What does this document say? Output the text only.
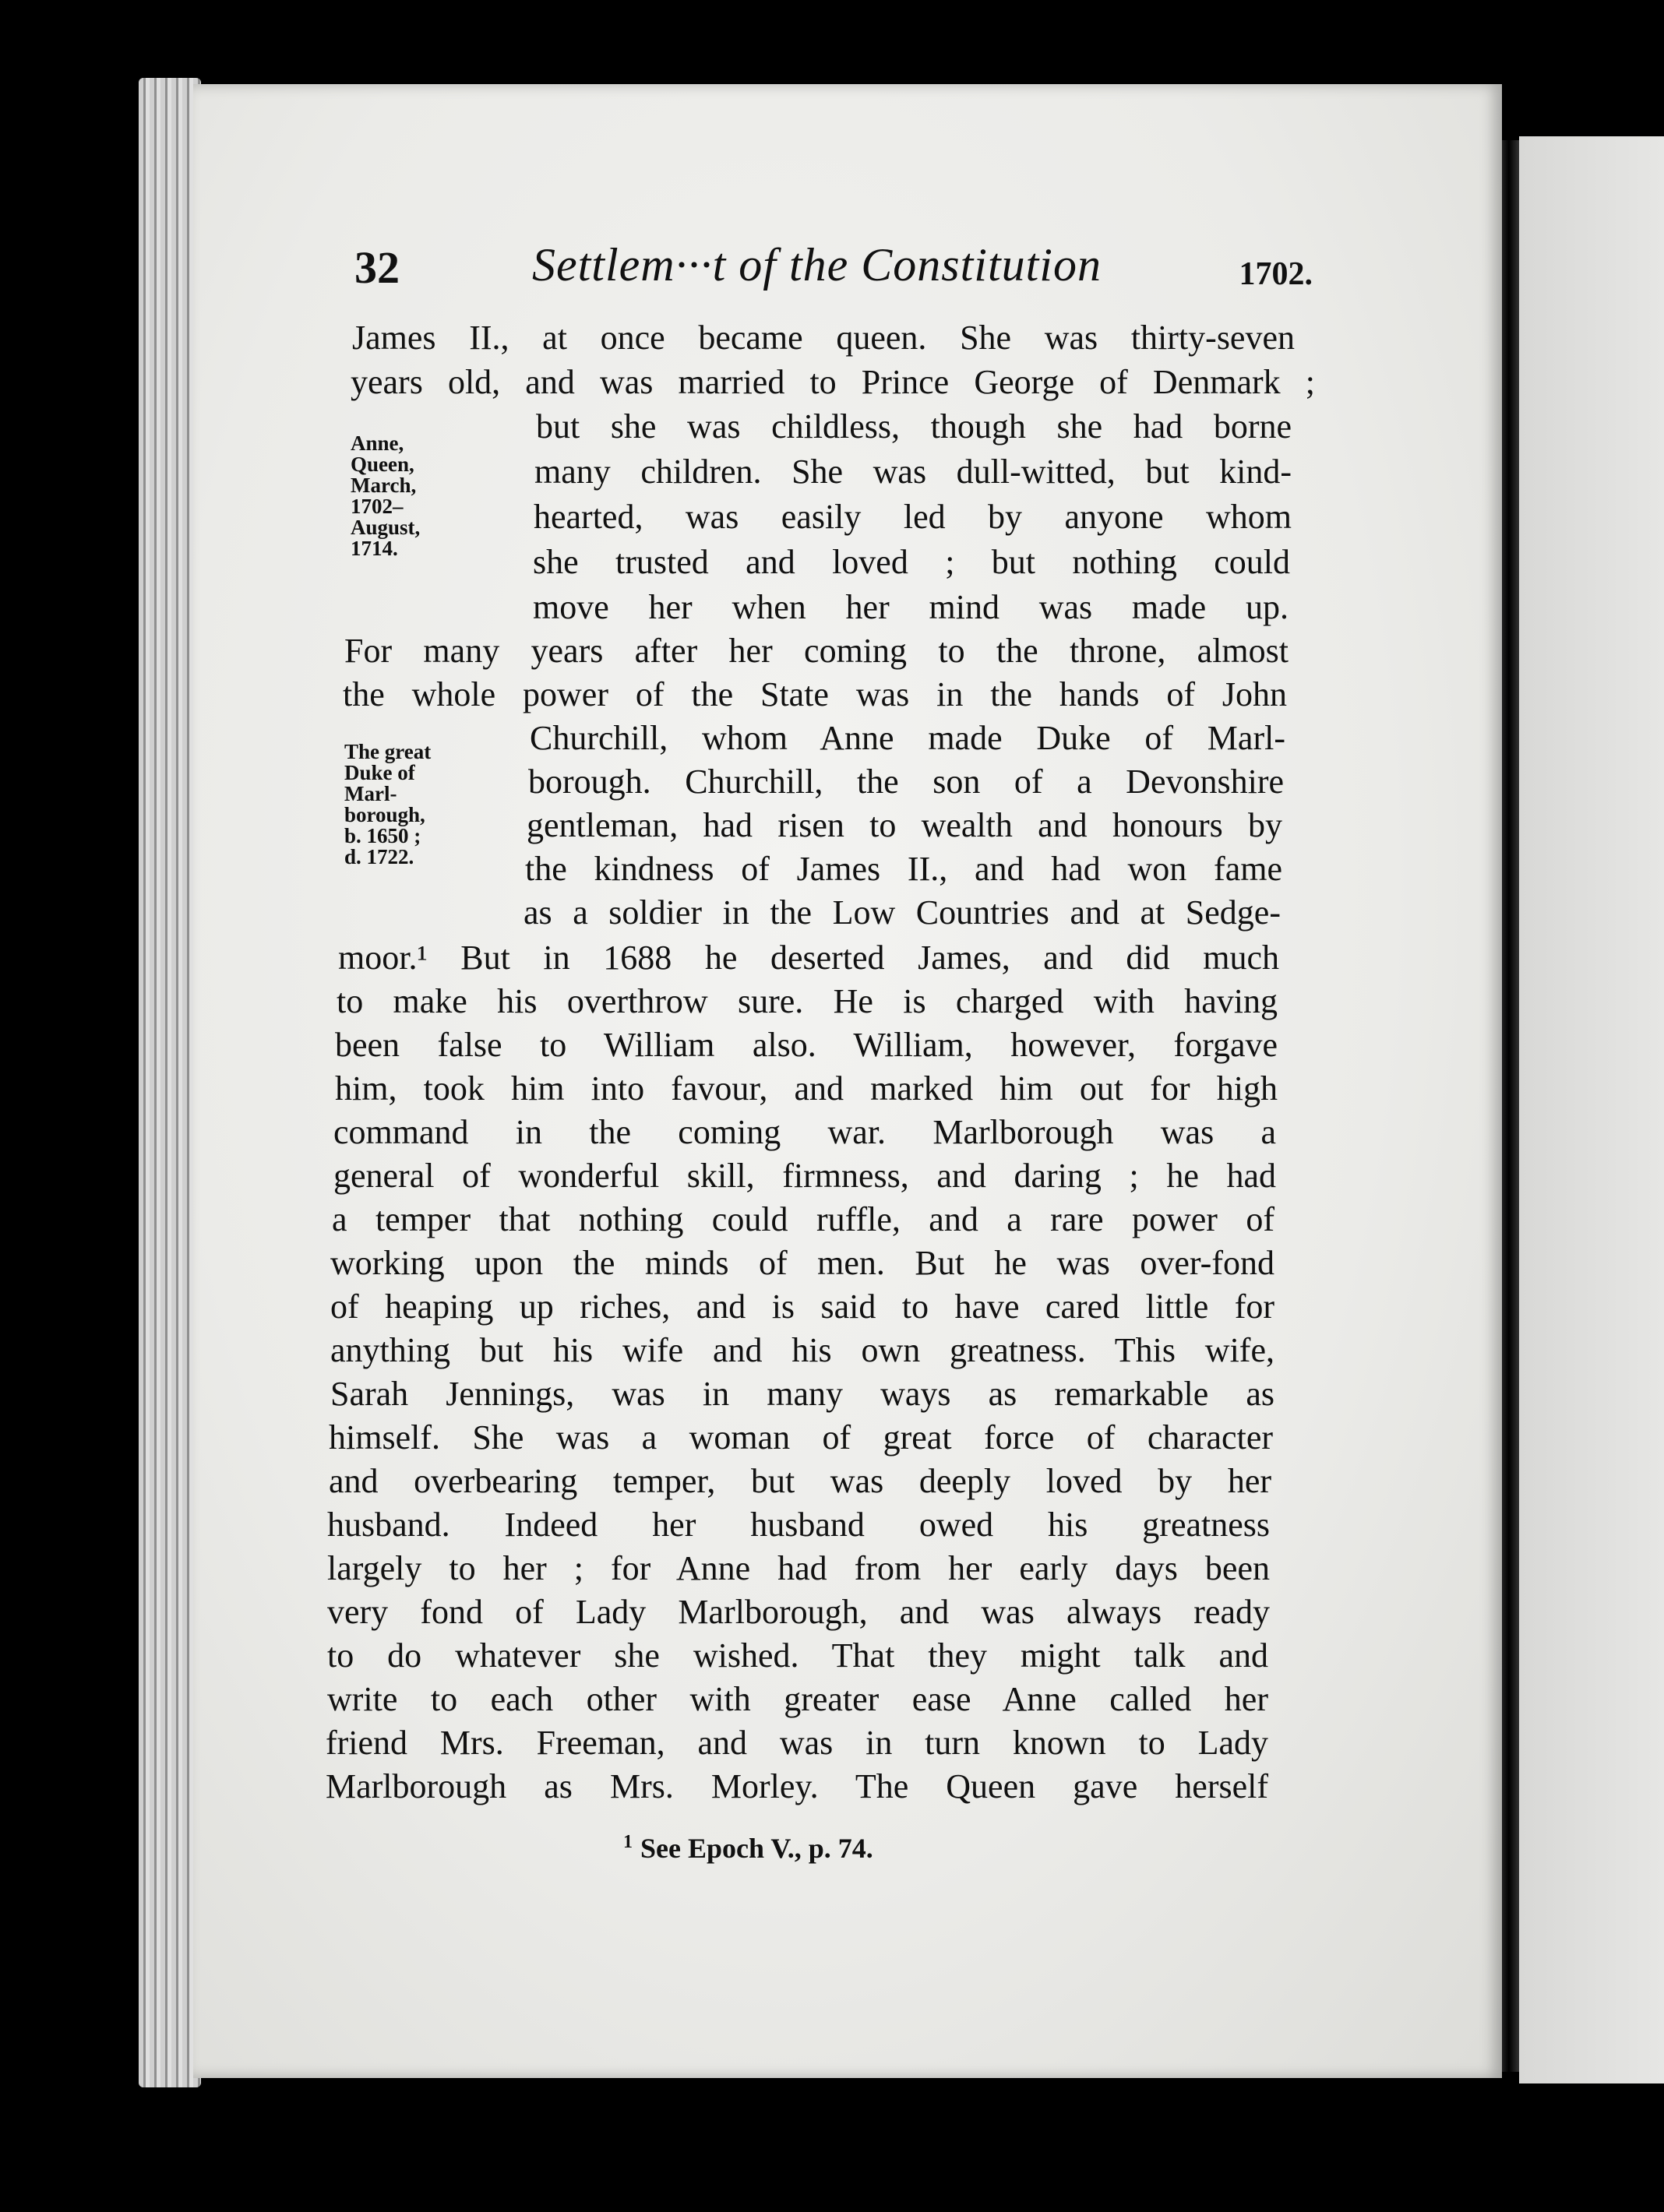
32	Settlem···t of the Constitution	1702.
Anne,
Queen,
March,
1702–
August,
1714.
The great
Duke of
Marl-
borough,
b. 1650 ;
d. 1722.
James II., at once became queen. She was thirty-seven
years old, and was married to Prince George of Denmark ;
but she was childless, though she had borne
many children. She was dull-witted, but kind-
hearted, was easily led by anyone whom
she trusted and loved ; but nothing could
move her when her mind was made up.
For many years after her coming to the throne, almost
the whole power of the State was in the hands of John
Churchill, whom Anne made Duke of Marl-
borough. Churchill, the son of a Devonshire
gentleman, had risen to wealth and honours by
the kindness of James II., and had won fame
as a soldier in the Low Countries and at Sedge-
moor.¹ But in 1688 he deserted James, and did much
to make his overthrow sure. He is charged with having
been false to William also. William, however, forgave
him, took him into favour, and marked him out for high
command in the coming war. Marlborough was a
general of wonderful skill, firmness, and daring ; he had
a temper that nothing could ruffle, and a rare power of
working upon the minds of men. But he was over-fond
of heaping up riches, and is said to have cared little for
anything but his wife and his own greatness. This wife,
Sarah Jennings, was in many ways as remarkable as
himself. She was a woman of great force of character
and overbearing temper, but was deeply loved by her
husband. Indeed her husband owed his greatness
largely to her ; for Anne had from her early days been
very fond of Lady Marlborough, and was always ready
to do whatever she wished. That they might talk and
write to each other with greater ease Anne called her
friend Mrs. Freeman, and was in turn known to Lady
Marlborough as Mrs. Morley. The Queen gave herself
$^1$ See Epoch V., p. 74.
